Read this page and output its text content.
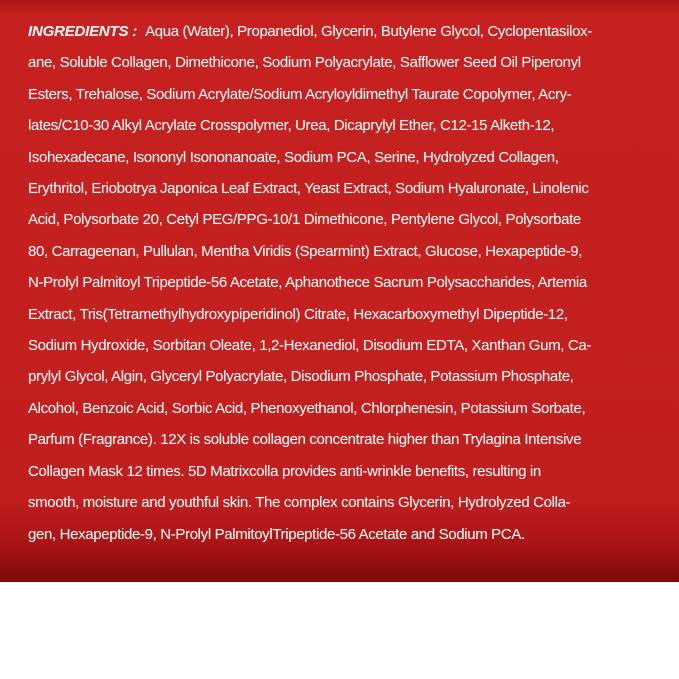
INGREDIENTS : Aqua (Water), Propanediol, Glycerin, Butylene Glycol, Cyclopentasilox-
ane, Soluble Collagen, Dimethicone, Sodium Polyacrylate, Safflower Seed Oil Piperonyl
Esters, Trehalose, Sodium Acrylate/Sodium Acryloyldimethyl Taurate Copolymer, Acry-
lates/C10-30 Alkyl Acrylate Crosspolymer, Urea, Dicaprylyl Ether, C12-15 Alketh-12,
Isohexadecane, Isononyl Isononanoate, Sodium PCA, Serine, Hydrolyzed Collagen,
Erythritol, Eriobotrya Japonica Leaf Extract, Yeast Extract, Sodium Hyaluronate, Linolenic
Acid, Polysorbate 20, Cetyl PEG/PPG-10/1 Dimethicone, Pentylene Glycol, Polysorbate
80, Carrageenan, Pullulan, Mentha Viridis (Spearmint) Extract, Glucose, Hexapeptide-9,
N-Prolyl Palmitoyl Tripeptide-56 Acetate, Aphanothece Sacrum Polysaccharides, Artemia
Extract, Tris(Tetramethylhydroxypiperidinol) Citrate, Hexacarboxymethyl Dipeptide-12,
Sodium Hydroxide, Sorbitan Oleate, 1,2-Hexanediol, Disodium EDTA, Xanthan Gum, Ca-
prylyl Glycol, Algin, Glyceryl Polyacrylate, Disodium Phosphate, Potassium Phosphate,
Alcohol, Benzoic Acid, Sorbic Acid, Phenoxyethanol, Chlorphenesin, Potassium Sorbate,
Parfum (Fragrance). 12X is soluble collagen concentrate higher than Trylagina Intensive
Collagen Mask 12 times. 5D Matrixcolla provides anti-wrinkle benefits, resulting in
smooth, moisture and youthful skin. The complex contains Glycerin, Hydrolyzed Colla-
gen, Hexapeptide-9, N-Prolyl PalmitoylTripeptide-56 Acetate and Sodium PCA.
